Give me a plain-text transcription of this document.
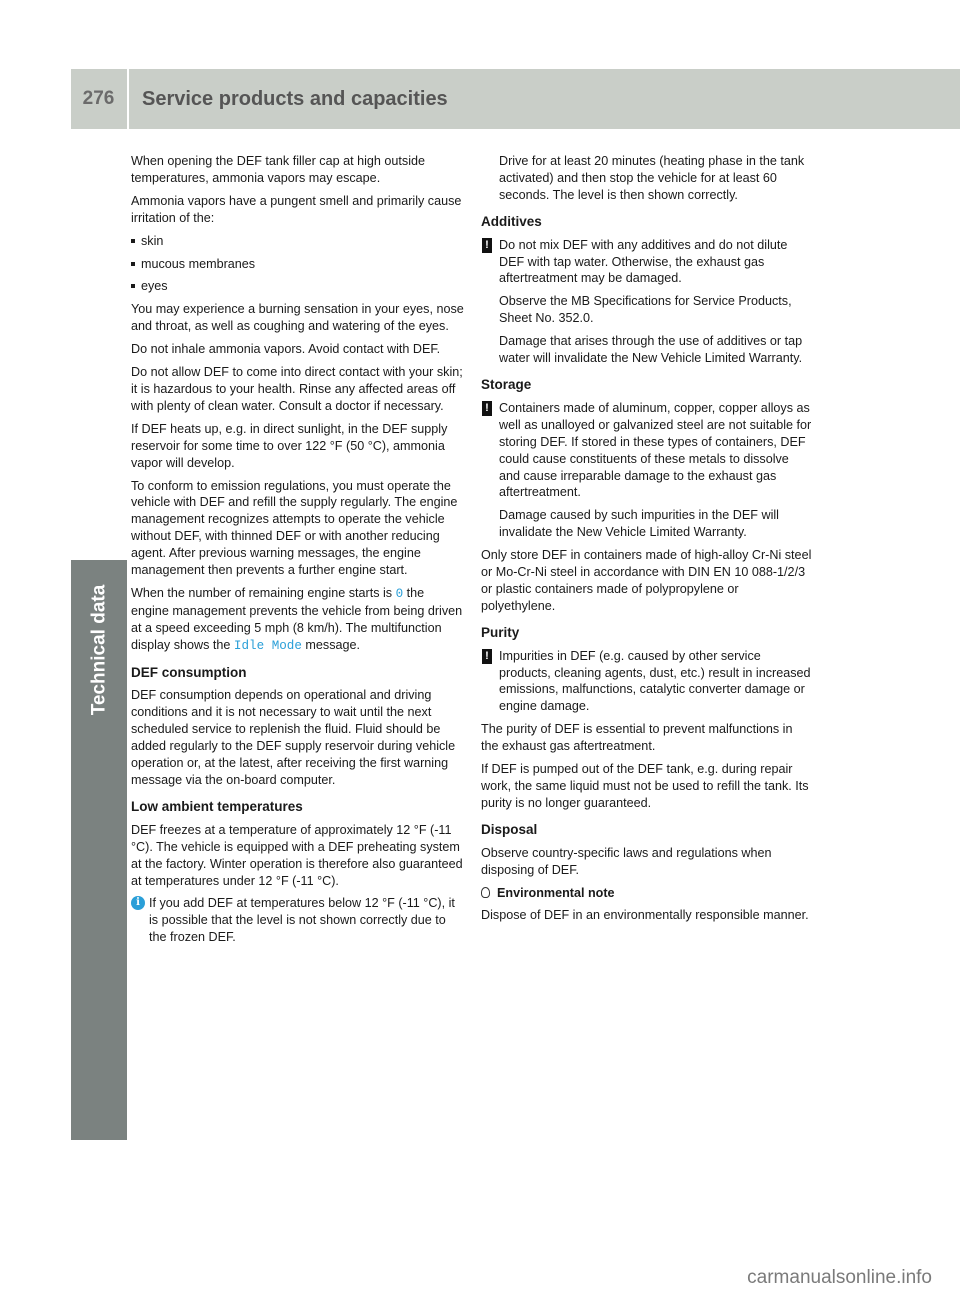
276	Service products and capacities
Technical data

When opening the DEF tank filler cap at high outside temperatures, ammonia vapors may escape.

Ammonia vapors have a pungent smell and primarily cause irritation of the:

skin
mucous membranes
eyes

You may experience a burning sensation in your eyes, nose and throat, as well as coughing and watering of the eyes.

Do not inhale ammonia vapors. Avoid contact with DEF.

Do not allow DEF to come into direct contact with your skin; it is hazardous to your health. Rinse any affected areas off with plenty of clean water. Consult a doctor if necessary.

If DEF heats up, e.g. in direct sunlight, in the DEF supply reservoir for some time to over 122 °F (50 °C), ammonia vapor will develop.

To conform to emission regulations, you must operate the vehicle with DEF and refill the supply regularly. The engine management recognizes attempts to operate the vehicle without DEF, with thinned DEF or with another reducing agent. After previous warning messages, the engine management then prevents a further engine start.

When the number of remaining engine starts is 0 the engine management prevents the vehicle from being driven at a speed exceeding 5 mph (8 km/h). The multifunction display shows the Idle Mode message.

DEF consumption

DEF consumption depends on operational and driving conditions and it is not necessary to wait until the next scheduled service to replenish the fluid. Fluid should be added regularly to the DEF supply reservoir during vehicle operation or, at the latest, after receiving the first warning message via the on-board computer.

Low ambient temperatures

DEF freezes at a temperature of approximately 12 °F (-11 °C). The vehicle is equipped with a DEF preheating system at the factory. Winter operation is therefore also guaranteed at temperatures under 12 °F (-11 °C).

i If you add DEF at temperatures below 12 °F (-11 °C), it is possible that the level is not shown correctly due to the frozen DEF.

Drive for at least 20 minutes (heating phase in the tank activated) and then stop the vehicle for at least 60 seconds. The level is then shown correctly.

Additives
! Do not mix DEF with any additives and do not dilute DEF with tap water. Otherwise, the exhaust gas aftertreatment may be damaged.

Observe the MB Specifications for Service Products, Sheet No. 352.0.

Damage that arises through the use of additives or tap water will invalidate the New Vehicle Limited Warranty.

Storage
! Containers made of aluminum, copper, copper alloys as well as unalloyed or galvanized steel are not suitable for storing DEF. If stored in these types of containers, DEF could cause constituents of these metals to dissolve and cause irreparable damage to the exhaust gas aftertreatment.

Damage caused by such impurities in the DEF will invalidate the New Vehicle Limited Warranty.

Only store DEF in containers made of high-alloy Cr-Ni steel or Mo-Cr-Ni steel in accordance with DIN EN 10 088-1/2/3 or plastic containers made of polypropylene or polyethylene.

Purity
! Impurities in DEF (e.g. caused by other service products, cleaning agents, dust, etc.) result in increased emissions, malfunctions, catalytic converter damage or engine damage.

The purity of DEF is essential to prevent malfunctions in the exhaust gas aftertreatment.

If DEF is pumped out of the DEF tank, e.g. during repair work, the same liquid must not be used to refill the tank. Its purity is no longer guaranteed.

Disposal

Observe country-specific laws and regulations when disposing of DEF.

Environmental note

Dispose of DEF in an environmentally responsible manner.

carmanualsonline.info
